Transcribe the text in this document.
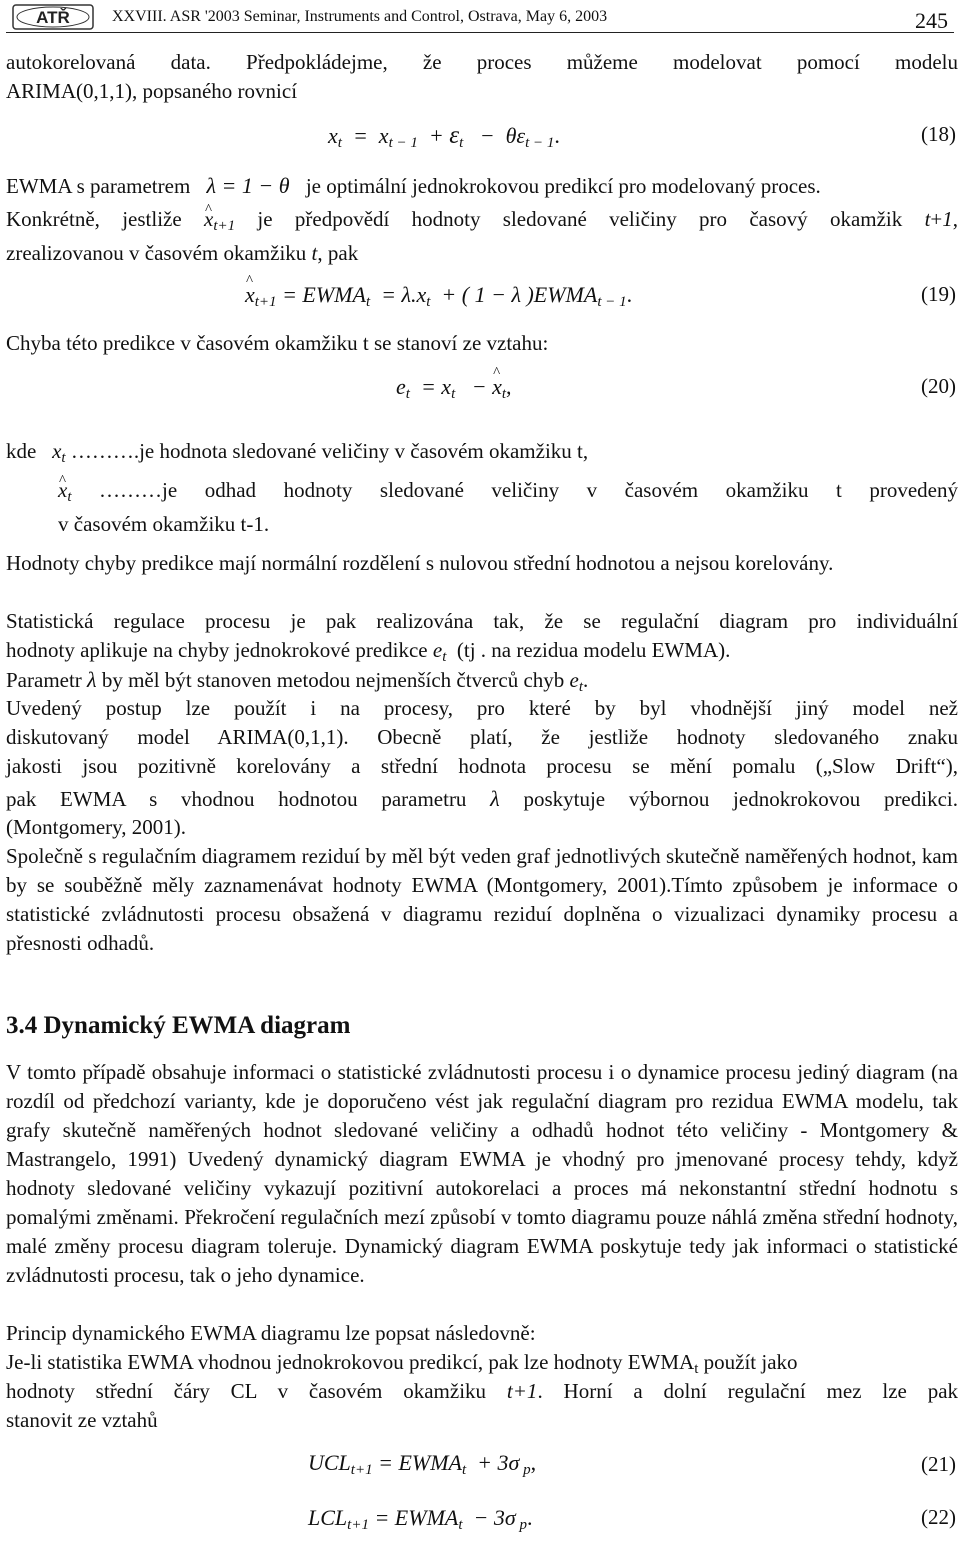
ATŘ	XXVIII. ASR '2003 Seminar, Instruments and Control, Ostrava, May 6, 2003	245
autokorelovaná data. Předpokládejme, že proces můžeme modelovat pomocí modelu
ARIMA(0,1,1), popsaného rovnicí
$x_t = x_{t - 1} + \varepsilon_t - \theta\varepsilon_{t - 1}$.	(18)
EWMA s parametrem   λ = 1 − θ   je optimální jednokrokovou predikcí pro modelovaný proces.
Konkrétně, jestliže ^ $x_{t+1}$ je předpovědí hodnoty sledované veličiny pro časový okamžik t+1,
zrealizovanou v časovém okamžiku t, pak
^ $x_{t+1}$ = $EWMA_t = \lambda.x_t$  + ( 1 − λ )$EWMA_{t - 1}$.	(19)
Chyba této predikce v časovém okamžiku t se stanoví ze vztahu:
$e_t = x_t$   − ^ $x_t$,	(20)
kde $x_t$ ……….je hodnota sledované veličiny v časovém okamžiku t,
^ $x_t$ ………je odhad hodnoty sledované veličiny v časovém okamžiku t provedený
v časovém okamžiku t-1.

Hodnoty chyby predikce mají normální rozdělení s nulovou střední hodnotou a nejsou korelovány.

Statistická regulace procesu je pak realizována tak, že se regulační diagram pro individuální
hodnoty aplikuje na chyby jednokrokové predikce $e_t$ (tj . na rezidua modelu EWMA).
Parametr λ by měl být stanoven metodou nejmenších čtverců chyb $e_t$.
Uvedený postup lze použít i na procesy, pro které by byl vhodnější jiný model než
diskutovaný model ARIMA(0,1,1). Obecně platí, že jestliže hodnoty sledovaného znaku
jakosti jsou pozitivně korelovány a střední hodnota procesu se mění pomalu („Slow Drift“),
pak EWMA s vhodnou hodnotou parametru λ poskytuje výbornou jednokrokovou predikci.
(Montgomery, 2001).

Společně s regulačním diagramem reziduí by měl být veden graf jednotlivých skutečně naměřených hodnot, kam by se souběžně měly zaznamenávat hodnoty EWMA (Montgomery, 2001).Tímto způsobem je informace o statistické zvládnutosti procesu obsažená v diagramu reziduí doplněna o vizualizaci dynamiky procesu a přesnosti odhadů.

3.4 Dynamický EWMA diagram

V tomto případě obsahuje informaci o statistické zvládnutosti procesu i o dynamice procesu jediný diagram (na rozdíl od předchozí varianty, kde je doporučeno vést jak regulační diagram pro rezidua EWMA modelu, tak grafy skutečně naměřených hodnot sledované veličiny a odhadů hodnot této veličiny - Montgomery & Mastrangelo, 1991) Uvedený dynamický diagram EWMA je vhodný pro jmenované procesy tehdy, když hodnoty sledované veličiny vykazují pozitivní autokorelaci a proces má nekonstantní střední hodnotu s pomalými změnami. Překročení regulačních mezí způsobí v tomto diagramu pouze náhlá změna střední hodnoty, malé změny procesu diagram toleruje. Dynamický diagram EWMA poskytuje tedy jak informaci o statistické zvládnutosti procesu, tak o jeho dynamice.

Princip dynamického EWMA diagramu lze popsat následovně:

Je-li statistika EWMA vhodnou jednokrokovou predikcí, pak lze hodnoty $EWMA_t$ použít jako
hodnoty střední čáry CL v časovém okamžiku t+1. Horní a dolní regulační mez lze pak
stanovit ze vztahů
$UCL_{t+1}$ = $EWMA_t + 3\sigma$ $_p$,	(21)
$LCL_{t+1}$ = $EWMA_t - 3\sigma$ $_p$.	(22)
